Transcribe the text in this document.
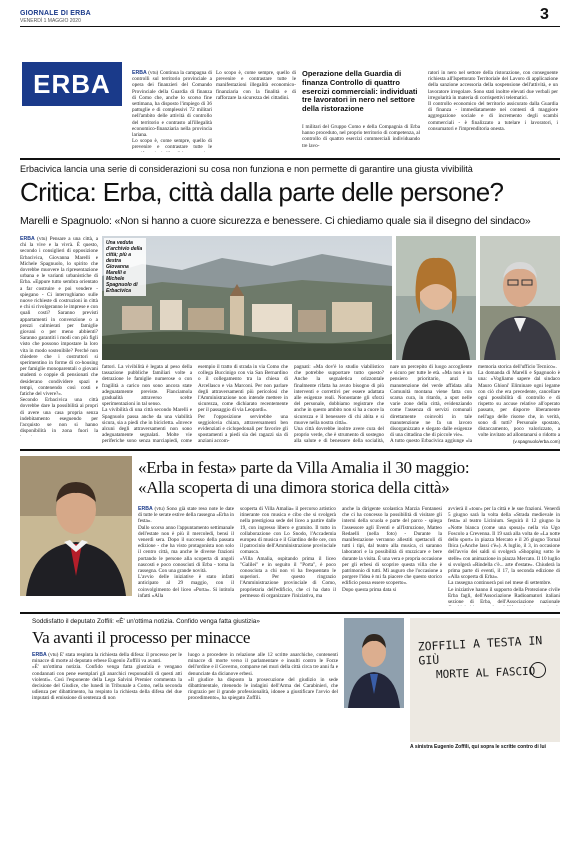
GIORNALE DI ERBA
VENERDÌ 1 MAGGIO 2020	3
ERBA	ERBA (vtu) Continua la campagna di controlli sul territorio provinciale a opera dei finanzieri del Comando Provinciale della Guardia di finanza di Como che, anche lo scorso fine settimana, ha disposto l'impiego di 36 pattuglie e di complessivi 72 militari nell'ambito delle attività di controllo del territorio e contrasto all'illegalità economico-finanziaria nella provincia lariana.
Lo scopo è, come sempre, quello di prevenire e contrastare tutte le
Lo scopo è, come sempre, quello di prevenire e contrastare tutte le manifestazioni illegalità economico-finanziaria con la finalità e di rafforzare la sicurezza dei cittadini.
Operazione della Guardia di finanza Controllo di quattro esercizi commerciali: individuati tre lavoratori in nero nel settore della ristorazione
I militari del Gruppo Como e della Compagnia di Erba hanno proceduto, nel proprio territorio di competenza, al controllo di quattro esercizi commerciali individuando tre lavo-
ratori in nero nel settore della ristorazione, con conseguente richiesta all'Ispettorato Territoriale del Lavoro di applicazione della sanzione accessoria della sospensione dell'attività, e un lavoratore irregolare. Sono stati inoltre elevati due verbali per irregolarità in materia di corrispettivi telematici.
Il controllo economico del territorio assicurato dalla Guardia di finanza - immediatamente nei contesti di maggiore aggregazione sociale e di incremento degli scambi commerciali - è finalizzato a tutelare i lavoratori, i consumatori e l'imprenditoria onesta.
Erbacivica lancia una serie di considerazioni su cosa non funziona e non permette di garantire una giusta vivibilità
Critica: Erba, città dalla parte delle persone?
Marelli e Spagnuolo: «Non si hanno a cuore sicurezza e benessere. Ci chiediamo quale sia il disegno del sindaco»
ERBA (vtu) Pensare a una città, a chi la vive e la vivrà. È questo, secondo i consiglieri di opposizione Erbacivica, Giovanna Marelli e Michele Spagnuolo, lo spirito che dovrebbe muovere la ripresentazione urbana e le varianti urbanistiche di Erba. «Eppure tutto sembra orientato a far costruire e poi vendere - spiegano - Ci interroghiamo sulle nuove richieste di costruzioni in città e chi si rivolgeranno le imprese e con quali costi? Saranno previsti appartamenti in convenzione o a prezzi calmierati per famiglie giovani o per meno abbienti? Saranno garantiti i modi con più figli visto che possono impostare la loro vita in modo sostenibile? Perché non chiedere che i costruttori si sperimentino in forme di co-housing per famiglie monoparentali o giovani studenti o coppie di pensionati che desiderano condividere spazi e tempi, contenendo così costi e fatiche del vivere?».
Secondo Erbacivica una città dovrebbe dare la possibilità ai propri di avere una casa propria senza indebitamento eseguendo per l'acquisto se non si hanno disponibilità in zona fuori la

Una veduta d'archivio della città; più a destra Giovanna Marelli e Michele Spagnuolo di Erbacivica
fattori. La vivibilità è legata al peso della tassazione pubbliche familiari volte a detrazione le famiglie numerose o con fragilità a carico non sono ancora state adeguatamente previste. Flanciamola gradualità attraverso scelte sperimentazioni in tal senso.
La vivibilità di una città secondo Marelli e Spagnuolo passa anche da una viabilità sicura, sia a piedi che in bicicletta. «Invece alcuni degli attraversamenti non sono adeguatamente segnalati. Molte vie periferiche sono senza marciapiedi, come
esempio il tratto di strada in via Como che collega Buccinigo con via San Bernardino o il collegamento tra la chiesa di Arcellasco e via Marconi. Per non parlare degli attraversamenti più pericolosi che l'Amministrazione non intende mettere in sicurezza, come dichiarato recentemente per il passaggio di via Leopardi».
Per l'opposizione servirebbe una seggiolovia chiara, attraversamenti ben evidenziati e ciclopedonali per favorire gli spostamenti a piedi sia dei ragazzi sia di anziani accom-
pagnati: «Ma dov'è lo studio viabilistico che potrebbe supportare tutto questo? Anche la segnaletica orizzontale finalmente rifatta ha avuto bisogno di più interventi e correttivi per essere adattata alle esigenze reali. Nonostante gli sforzi del personale, dobbiamo registrare che anche in questo ambito non si ha a cuore la sicurezza e il benessere di chi abita e si muove nella nostra città».
Una città dovrebbe inoltre avere cura del proprio verde, che è strumento di sostegno alla salute e di benessere della socialità,
nare un percepito di luogo accogliente e sicuro per tutte le età. «Ma non è un pensiero prioritario, anzi la manutenzione del verde affidata alla Comunità montana viene fatta con scarsa cura, in ritardo, a spot nelle varie zone della città, evidenziando come l'assenza di servizi comunali direttamente coinvolti in tale manutenzione ne fa un lavoro disorganizzato e slegato dalle esigenze di una cittadina che di piccole vie».
A tutto questo Erbacivica aggiunge «la
memoria storica dell'ufficio Tecnico».
La domanda di Marelli e Spagnuolo è una: «Vogliamo sapere dal sindaco Mauro Ghioni' Eliminare ogni legame con ciò che era precedente, cancellare ogni possibilità di controllo e di rispetto su accuse relative all'operato passato, per disporre liberamente nell'ago delle risorse che, in verità, sono di tutti? Personale spostato, distaccamento, poco valorizzato, a volte invitato ad allontanarsi o ridotto a
(v.spagnuolo/erba.com)
«Erba in festa» parte da Villa Amalia il 30 maggio:
«Alla scoperta di una dimora storica della città»
ERBA (vtu) Sono già state reso note le date di tutte le serate estive della rassegna «Erba in festa».
Dallo scorso anno l'appuntamento settimanale dell'estate non è più il mercoledì, bensì il venerdì sera. Dopo il successo della passata edizione - che ha visto protagonista non solo il centro città, ma anche le diverse frazioni portando le persone alla scoperta di angoli nascosti e poco conosciuti di Erba - torna la rassegna. Con una grande novità.
L'avvio delle iniziative è stato infatti anticipato al 29 maggio, con il coinvolgimento del liceo «Porta». Si intitola infatti «Alla
scoperta di Villa Amalia» il percorso artistico itinerante con musica e cibo che si svolgerà nella prestigiosa sede del liceo a partire dalle 19, con ingresso libero e gratuito. Il tutto in collaborazione con Lo Snodo, l'Accademia europea di musica e il Giardino delle ore, con il patrocinio dell'Amministrazione provinciale comasca.
«Villa Amalia, ospitando prima il liceo "Galilei" e in seguito il "Porta", è poco conosciuta a chi non vi ha frequentato le superiori. Per questo ringrazio l'Amministrazione provinciale di Como, proprietaria dell'edificio, che ci ha dato il permesso di organizzare l'iniziativa, ma
anche la dirigente scolastica Marzia Fontanesi che ci ha concesso la possibilità di visitare gli interni della scuola e parte del parco - spiega l'assessore agli Eventi e all'Istruzione, Matteo Redaelli (nella foto) - Durante la manifestazione verranno allestiti spettacoli di tutti i tipi, dal teatro alla musica, ci saranno laboratori e la possibilità di stuzzicare e bere durante la visita. È una vera e propria occasione per gli erbesi di scoprire questa villa che è patrimonio di tutti. Mi auguro che l'occasione a porgere l'idea è mi fa piacere che questo storico edificio possa essere scoperto».
Dopo questa prima data si
avvierà il «tour» per la città e le sue frazioni. Venerdì 5 giugno sarà la volta della «Strada medievale in festa» al teatro Licinium. Seguirà il 12 giugno la «Notte bianca (come una sposa)» nella via Ugo Foscolo a Crevenna. Il 19 sarà alla volta de «La notte dello sport» in piazza Mercato e il 26 giugno Tornal Ibica («Anche lassi c'è»). A luglio, il 3, in occasione dell'avvio dei saldi si svolgerà «Shopping sotto le stelle» con animazione in piazza Mercato. Il 10 luglio si svolgerà «Rindella c'è... arte d'estate». Chiuderà la prima parte di eventi, il 17, la seconda edizione di «Alla scoperta di Erba».
La rassegna continuerà poi nel mese di settembre.
Le iniziative hanno il supporto della Protezione civile Erba fagli, dell'Associazione Radioamatori italiani sezione di Erba, dell'Associazione nazionale
Soddisfatto il deputato Zoffili: «È' un'ottima notizia. Confido venga fatta giustizia»
Va avanti il processo per minacce
ERBA (vtu) È' stata respinta la richiesta della difesa: il processo per le minacce di morte al deputato erbese Eugenio Zoffili va avanti.
«È' un'ottima notizia. Confido venga fatta giustizia e vengano condannati con pene esemplari gli anarchici responsabili di questi atti violenti». Così l'esponente della Lega Salvini Premier commenta la decisione del Giudice, che lunedì in Tribunale a Como, nella seconda udienza per dibattimento, ha respinto la richiesta della difesa del due imputati di emissione di sentenza di non
luogo a procedere in relazione alle 12 scritte anarchiche, contenenti minacce di morte verso il parlamentare e insulti contro le Forze dell'ordine e il Governo, comparse nei muri della città circa tre anni fa e denunciate da dicianove erbesi.
«Il giudice ha disposto la prosecuzione del giudizio in sede dibattimentale, ritenendo le indagini dell'Arma dei Carabinieri, che ringrazio per il grande professionalità, idonee a giustificare l'avvio del procedimento», ha spiegato Zoffili.
ZOFFILI A TESTA IN GIÙ
MORTE AL FASCIO
A sinistra Eugenio Zoffili, qui sopra le scritte contro di lui
